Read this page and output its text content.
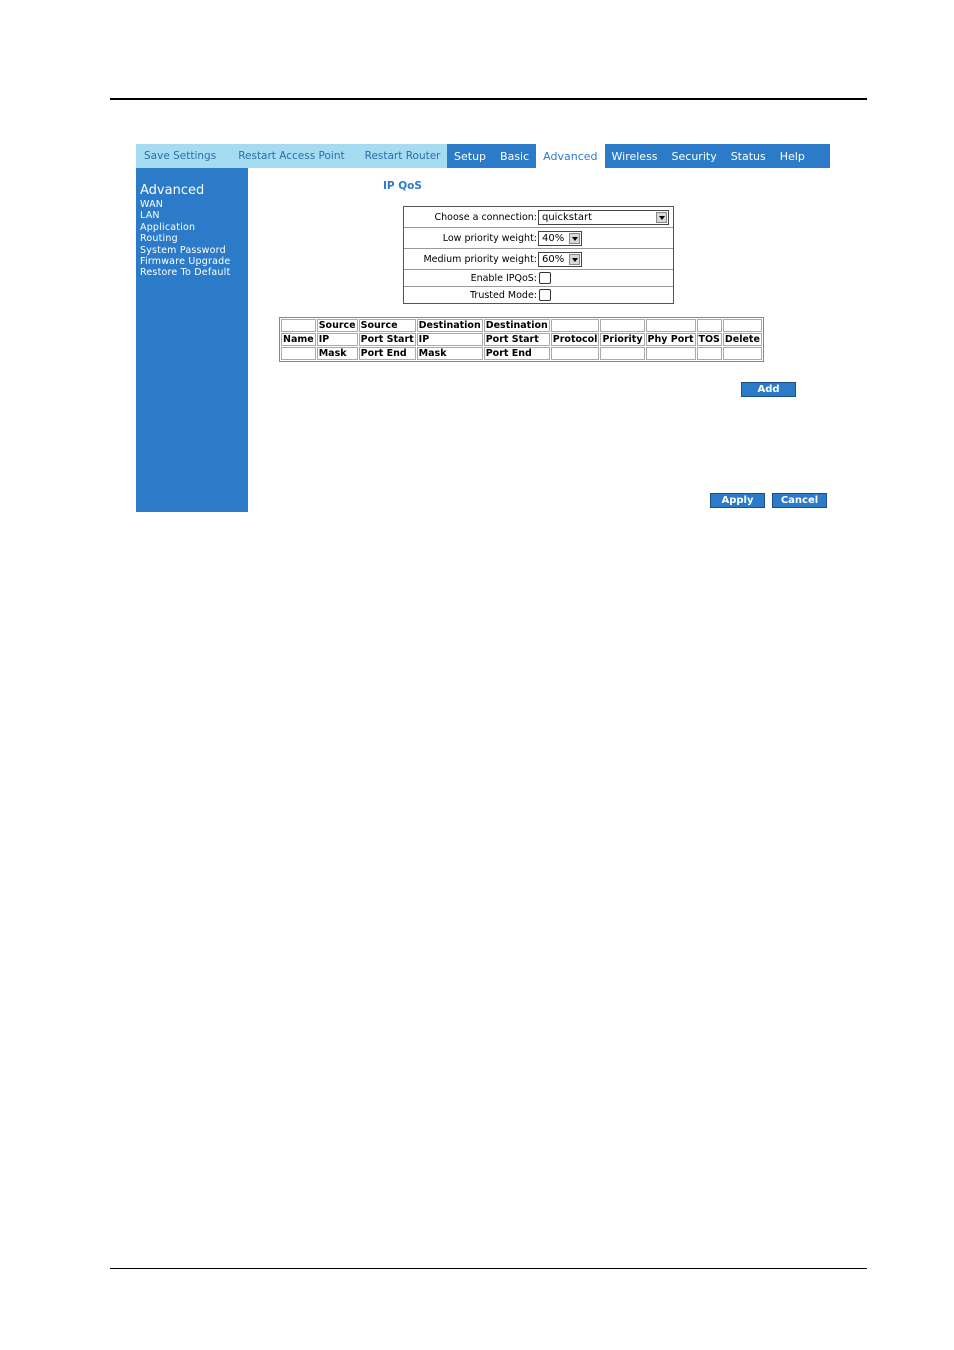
Save Settings	Restart Access Point	Restart Router	Setup	Basic	Advanced	Wireless	Security	Status	Help
Advanced
WAN
LAN
Application
Routing
System Password
Firmware Upgrade
Restore To Default
IP QoS
Choose a connection: quickstart
Low priority weight: 40%
Medium priority weight: 60%
Enable IPQoS:
Trusted Mode:
	Source	Source	Destination	Destination					
Name	IP	Port Start	IP	Port Start	Protocol	Priority	Phy Port	TOS	Delete
	Mask	Port End	Mask	Port End					
Add
Apply	Cancel
